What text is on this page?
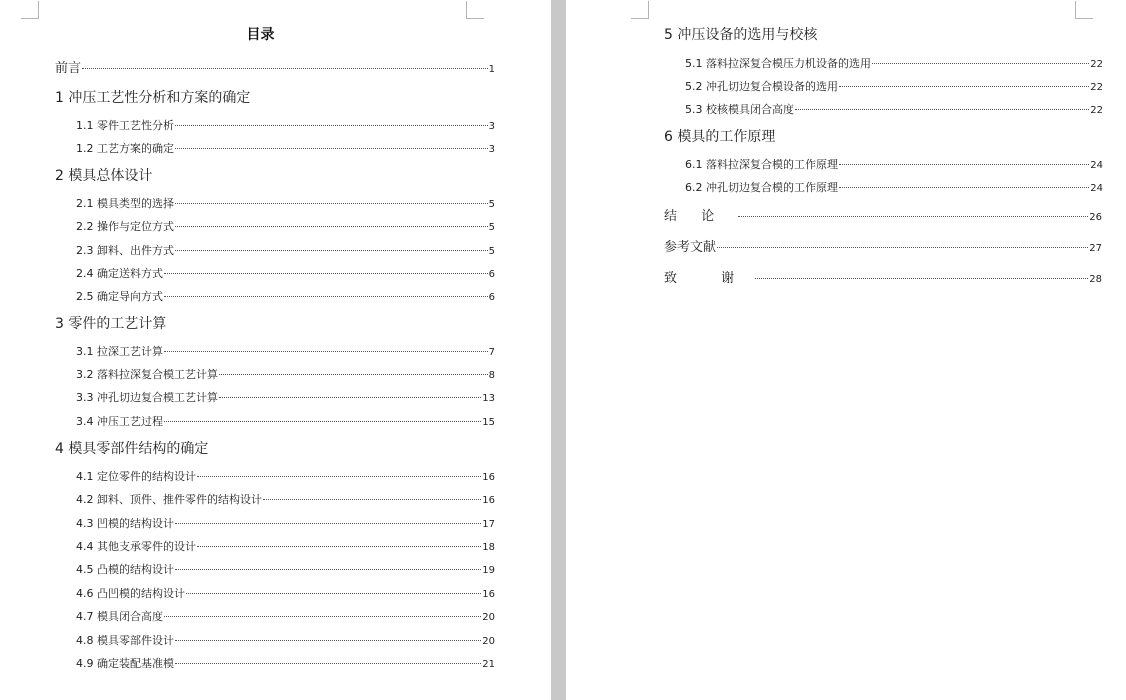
目录
前言	1
1 冲压工艺性分析和方案的确定
1.1 零件工艺性分析	3
1.2 工艺方案的确定	3
2 模具总体设计
2.1 模具类型的选择	5
2.2 操作与定位方式	5
2.3 卸料、出件方式	5
2.4 确定送料方式	6
2.5 确定导向方式	6
3 零件的工艺计算
3.1 拉深工艺计算	7
3.2 落料拉深复合模工艺计算	8
3.3 冲孔切边复合模工艺计算	13
3.4 冲压工艺过程	15
4 模具零部件结构的确定
4.1 定位零件的结构设计	16
4.2 卸料、顶件、推件零件的结构设计	16
4.3 凹模的结构设计	17
4.4 其他支承零件的设计	18
4.5 凸模的结构设计	19
4.6 凸凹模的结构设计	16
4.7 模具闭合高度	20
4.8 模具零部件设计	20
4.9 确定装配基准模	21
5 冲压设备的选用与校核
5.1 落料拉深复合模压力机设备的选用	22
5.2 冲孔切边复合模设备的选用	22
5.3 校核模具闭合高度	22
6 模具的工作原理
6.1 落料拉深复合模的工作原理	24
6.2 冲孔切边复合模的工作原理	24
结 论	26
参考文献	27
致 谢	28
